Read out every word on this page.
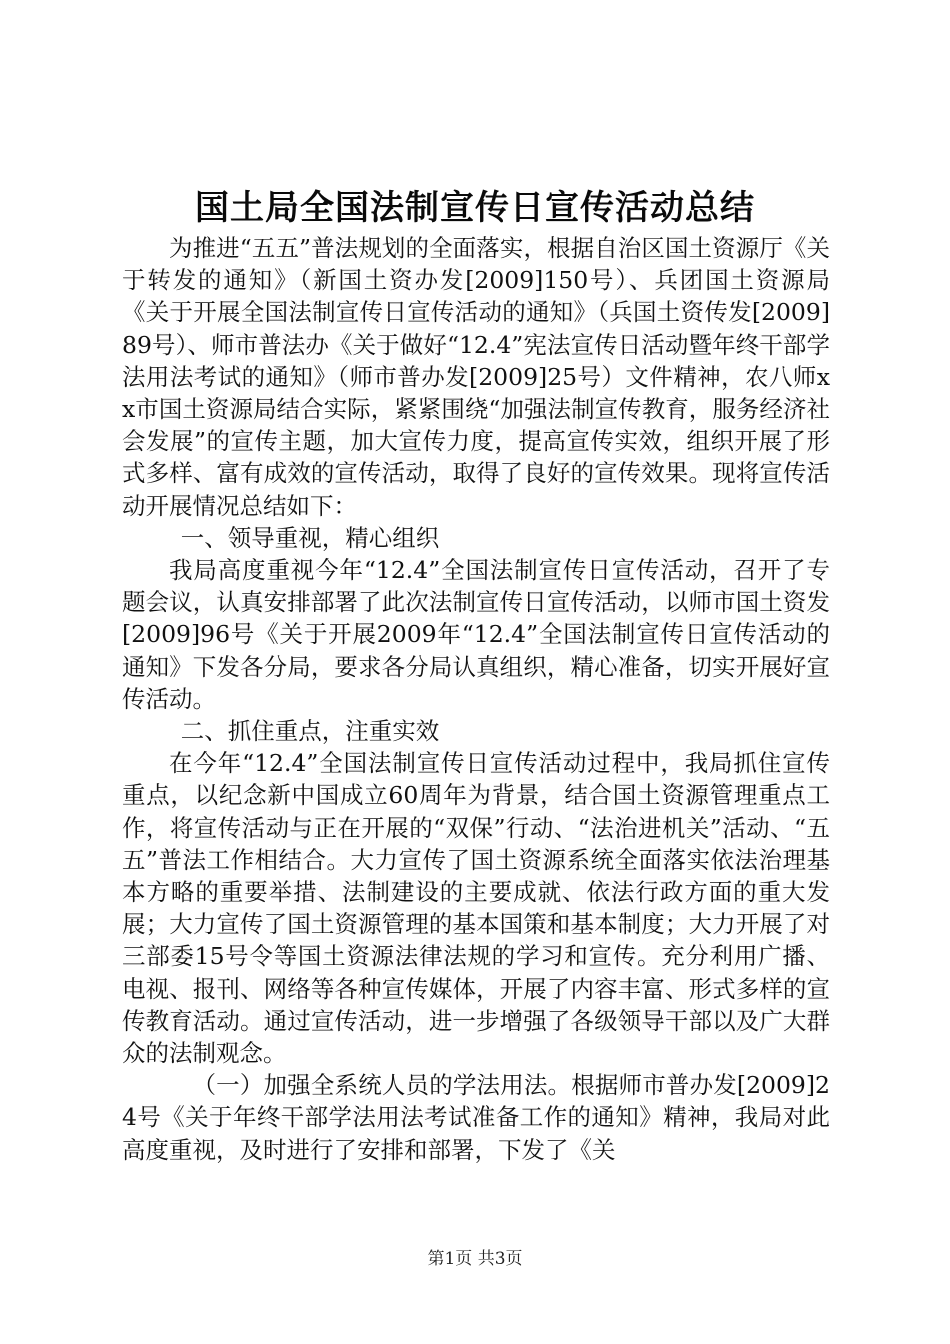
国土局全国法制宣传日宣传活动总结

为推进“五五”普法规划的全面落实，根据自治区国土资源厅《关于转发的通知》（新国土资办发[2009]150号）、兵团国土资源局《关于开展全国法制宣传日宣传活动的通知》（兵国土资传发[2009]89号）、师市普法办《关于做好“12.4”宪法宣传日活动暨年终干部学法用法考试的通知》（师市普办发[2009]25号）文件精神，农八师xx市国土资源局结合实际，紧紧围绕“加强法制宣传教育，服务经济社会发展”的宣传主题，加大宣传力度，提高宣传实效，组织开展了形式多样、富有成效的宣传活动，取得了良好的宣传效果。现将宣传活动开展情况总结如下：

一、领导重视，精心组织

我局高度重视今年“12.4”全国法制宣传日宣传活动，召开了专题会议，认真安排部署了此次法制宣传日宣传活动，以师市国土资发[2009]96号《关于开展2009年“12.4”全国法制宣传日宣传活动的通知》下发各分局，要求各分局认真组织，精心准备，切实开展好宣传活动。

二、抓住重点，注重实效

在今年“12.4”全国法制宣传日宣传活动过程中，我局抓住宣传重点，以纪念新中国成立60周年为背景，结合国土资源管理重点工作，将宣传活动与正在开展的“双保”行动、“法治进机关”活动、“五五”普法工作相结合。大力宣传了国土资源系统全面落实依法治理基本方略的重要举措、法制建设的主要成就、依法行政方面的重大发展；大力宣传了国土资源管理的基本国策和基本制度；大力开展了对三部委15号令等国土资源法律法规的学习和宣传。充分利用广播、电视、报刊、网络等各种宣传媒体，开展了内容丰富、形式多样的宣传教育活动。通过宣传活动，进一步增强了各级领导干部以及广大群众的法制观念。

（一）加强全系统人员的学法用法。根据师市普办发[2009]24号《关于年终干部学法用法考试准备工作的通知》精神，我局对此高度重视，及时进行了安排和部署，下发了《关

第1页 共3页
